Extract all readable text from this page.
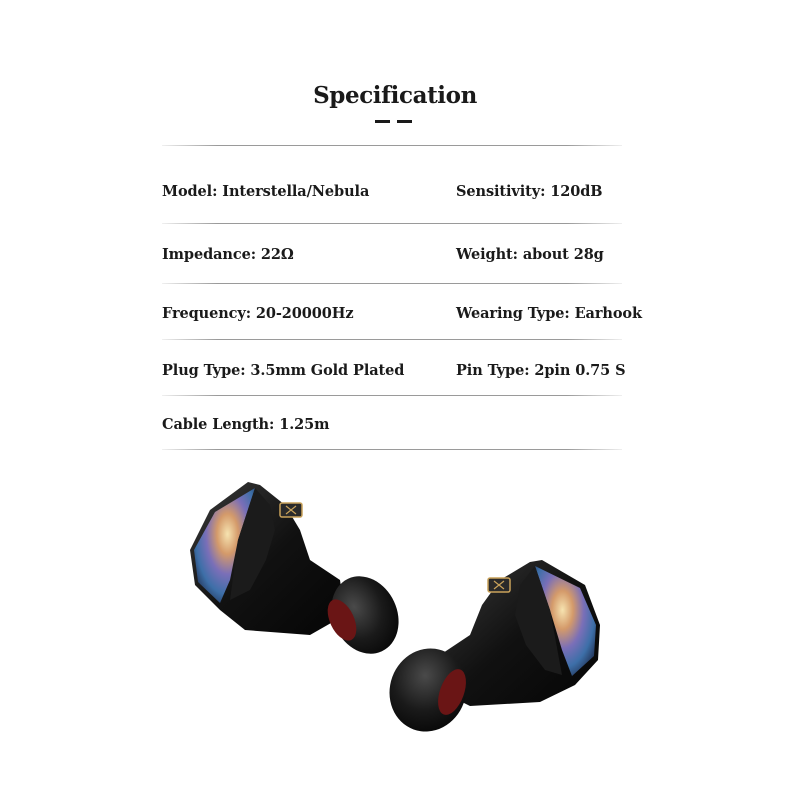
Specification
Model: Interstella/Nebula	Sensitivity: 120dB
Impedance: 22Ω	Weight: about 28g
Frequency: 20-20000Hz	Wearing Type: Earhook
Plug Type: 3.5mm Gold Plated	Pin Type: 2pin 0.75 S
Cable Length: 1.25m
